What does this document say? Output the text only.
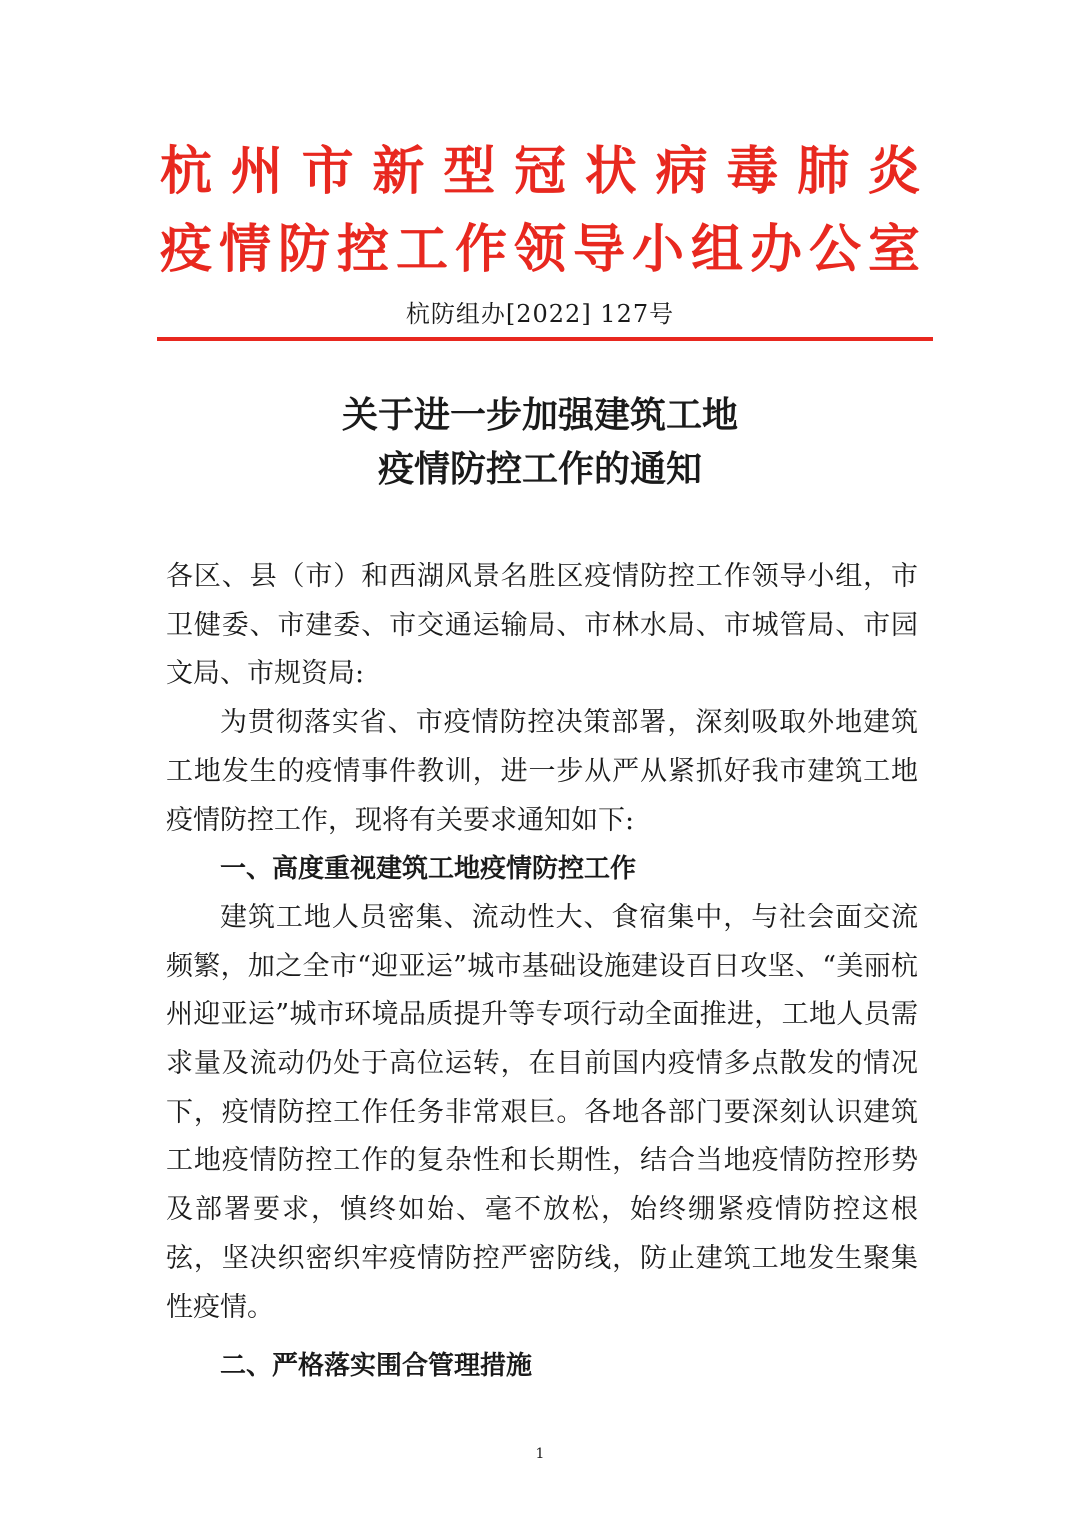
杭州市新型冠状病毒肺炎
疫情防控工作领导小组办公室
杭防组办[2022] 127号
关于进一步加强建筑工地
疫情防控工作的通知

各区、县（市）和西湖风景名胜区疫情防控工作领导小组，市卫健委、市建委、市交通运输局、市林水局、市城管局、市园文局、市规资局:

为贯彻落实省、市疫情防控决策部署，深刻吸取外地建筑工地发生的疫情事件教训，进一步从严从紧抓好我市建筑工地疫情防控工作，现将有关要求通知如下:

一、高度重视建筑工地疫情防控工作

建筑工地人员密集、流动性大、食宿集中，与社会面交流频繁，加之全市“迎亚运”城市基础设施建设百日攻坚、“美丽杭州迎亚运”城市环境品质提升等专项行动全面推进，工地人员需求量及流动仍处于高位运转，在目前国内疫情多点散发的情况下，疫情防控工作任务非常艰巨。各地各部门要深刻认识建筑工地疫情防控工作的复杂性和长期性，结合当地疫情防控形势及部署要求，慎终如始、毫不放松，始终绷紧疫情防控这根弦，坚决织密织牢疫情防控严密防线，防止建筑工地发生聚集性疫情。

二、严格落实围合管理措施

1
